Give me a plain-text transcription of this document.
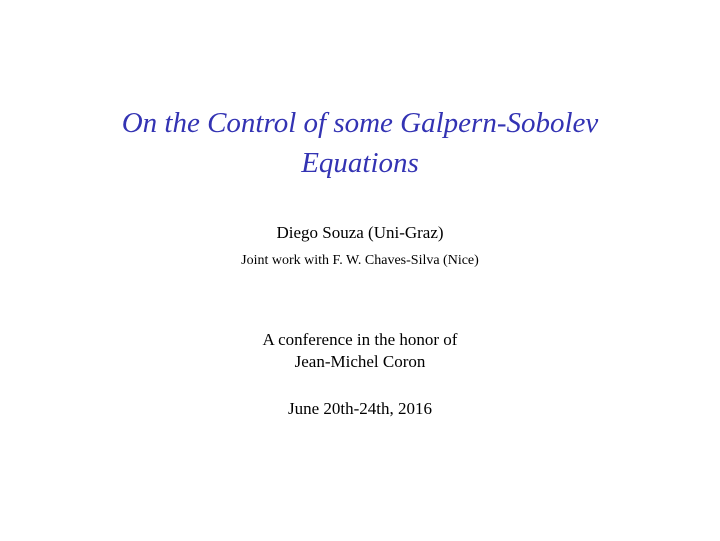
On the Control of some Galpern-Sobolev
Equations
Diego Souza (Uni-Graz)
Joint work with F. W. Chaves-Silva (Nice)
A conference in the honor of
Jean-Michel Coron
June 20th-24th, 2016
